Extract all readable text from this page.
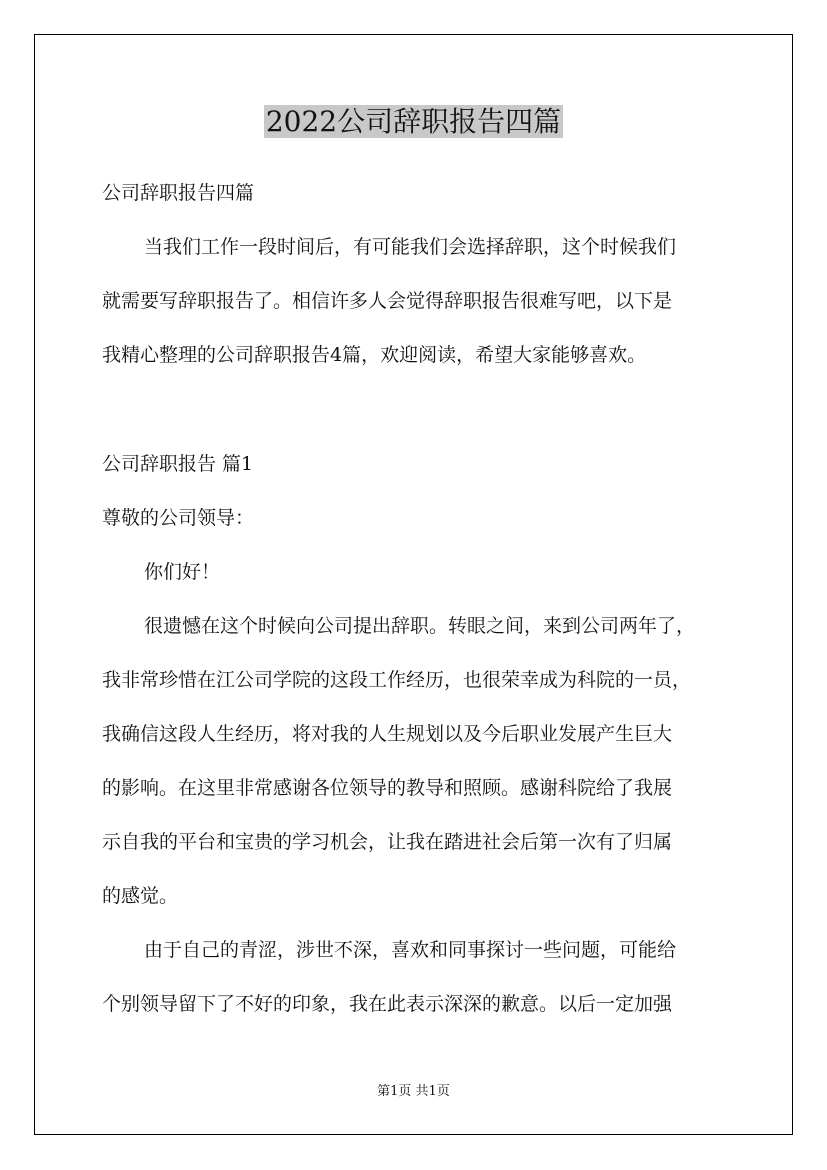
2022公司辞职报告四篇

公司辞职报告四篇

当我们工作一段时间后，有可能我们会选择辞职，这个时候我们

就需要写辞职报告了。相信许多人会觉得辞职报告很难写吧，以下是

我精心整理的公司辞职报告4篇，欢迎阅读，希望大家能够喜欢。

公司辞职报告 篇1

尊敬的公司领导：

你们好！

很遗憾在这个时候向公司提出辞职。转眼之间，来到公司两年了，

我非常珍惜在江公司学院的这段工作经历，也很荣幸成为科院的一员，

我确信这段人生经历，将对我的人生规划以及今后职业发展产生巨大

的影响。在这里非常感谢各位领导的教导和照顾。感谢科院给了我展

示自我的平台和宝贵的学习机会，让我在踏进社会后第一次有了归属

的感觉。

由于自己的青涩，涉世不深，喜欢和同事探讨一些问题，可能给

个别领导留下了不好的印象，我在此表示深深的歉意。以后一定加强

第1页 共1页
